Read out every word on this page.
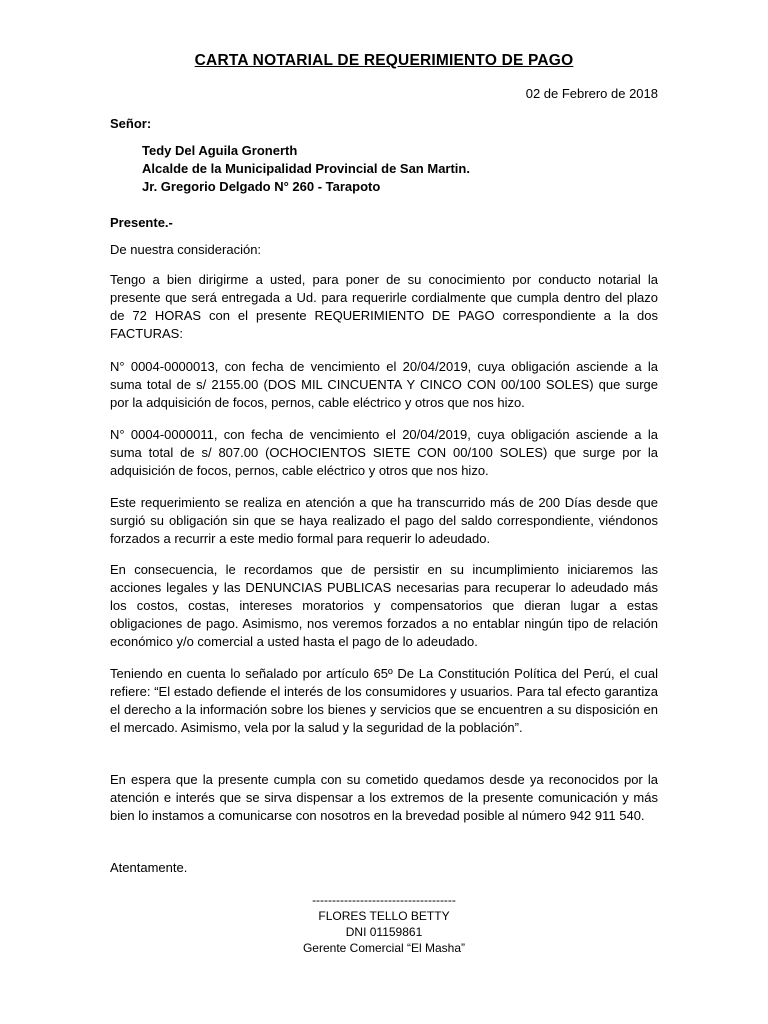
CARTA NOTARIAL DE REQUERIMIENTO DE PAGO
02 de Febrero de 2018
Señor:
Tedy Del Aguila Gronerth
Alcalde de la Municipalidad Provincial de San Martin.
Jr. Gregorio Delgado N° 260 - Tarapoto
Presente.-
De nuestra consideración:
Tengo a bien dirigirme a usted, para poner de su conocimiento por conducto notarial la presente que será entregada a Ud. para requerirle cordialmente que cumpla dentro del plazo de 72 HORAS con el presente REQUERIMIENTO DE PAGO correspondiente a la dos FACTURAS:
N° 0004-0000013, con fecha de vencimiento el 20/04/2019, cuya obligación asciende a la suma total de s/ 2155.00 (DOS MIL CINCUENTA Y CINCO CON 00/100 SOLES) que surge por la adquisición de focos, pernos, cable eléctrico y otros que nos hizo.
N° 0004-0000011, con fecha de vencimiento el 20/04/2019, cuya obligación asciende a la suma total de s/ 807.00 (OCHOCIENTOS SIETE CON 00/100 SOLES) que surge por la adquisición de focos, pernos, cable eléctrico y otros que nos hizo.
Este requerimiento se realiza en atención a que ha transcurrido más de 200 Días desde que surgió su obligación sin que se haya realizado el pago del saldo correspondiente, viéndonos forzados a recurrir a este medio formal para requerir lo adeudado.
En consecuencia, le recordamos que de persistir en su incumplimiento iniciaremos las acciones legales y las DENUNCIAS PUBLICAS necesarias para recuperar lo adeudado más los costos, costas, intereses moratorios y compensatorios que dieran lugar a estas obligaciones de pago. Asimismo, nos veremos forzados a no entablar ningún tipo de relación económico y/o comercial a usted hasta el pago de lo adeudado.
Teniendo en cuenta lo señalado por artículo 65º De La Constitución Política del Perú, el cual refiere: “El estado defiende el interés de los consumidores y usuarios. Para tal efecto garantiza el derecho a la información sobre los bienes y servicios que se encuentren a su disposición en el mercado. Asimismo, vela por la salud y la seguridad de la población”.
En espera que la presente cumpla con su cometido quedamos desde ya reconocidos por la atención e interés que se sirva dispensar a los extremos de la presente comunicación y más bien lo instamos a comunicarse con nosotros en la brevedad posible al número 942 911 540.
Atentamente.
------------------------------------
FLORES TELLO BETTY
DNI 01159861
Gerente Comercial “El Masha”
